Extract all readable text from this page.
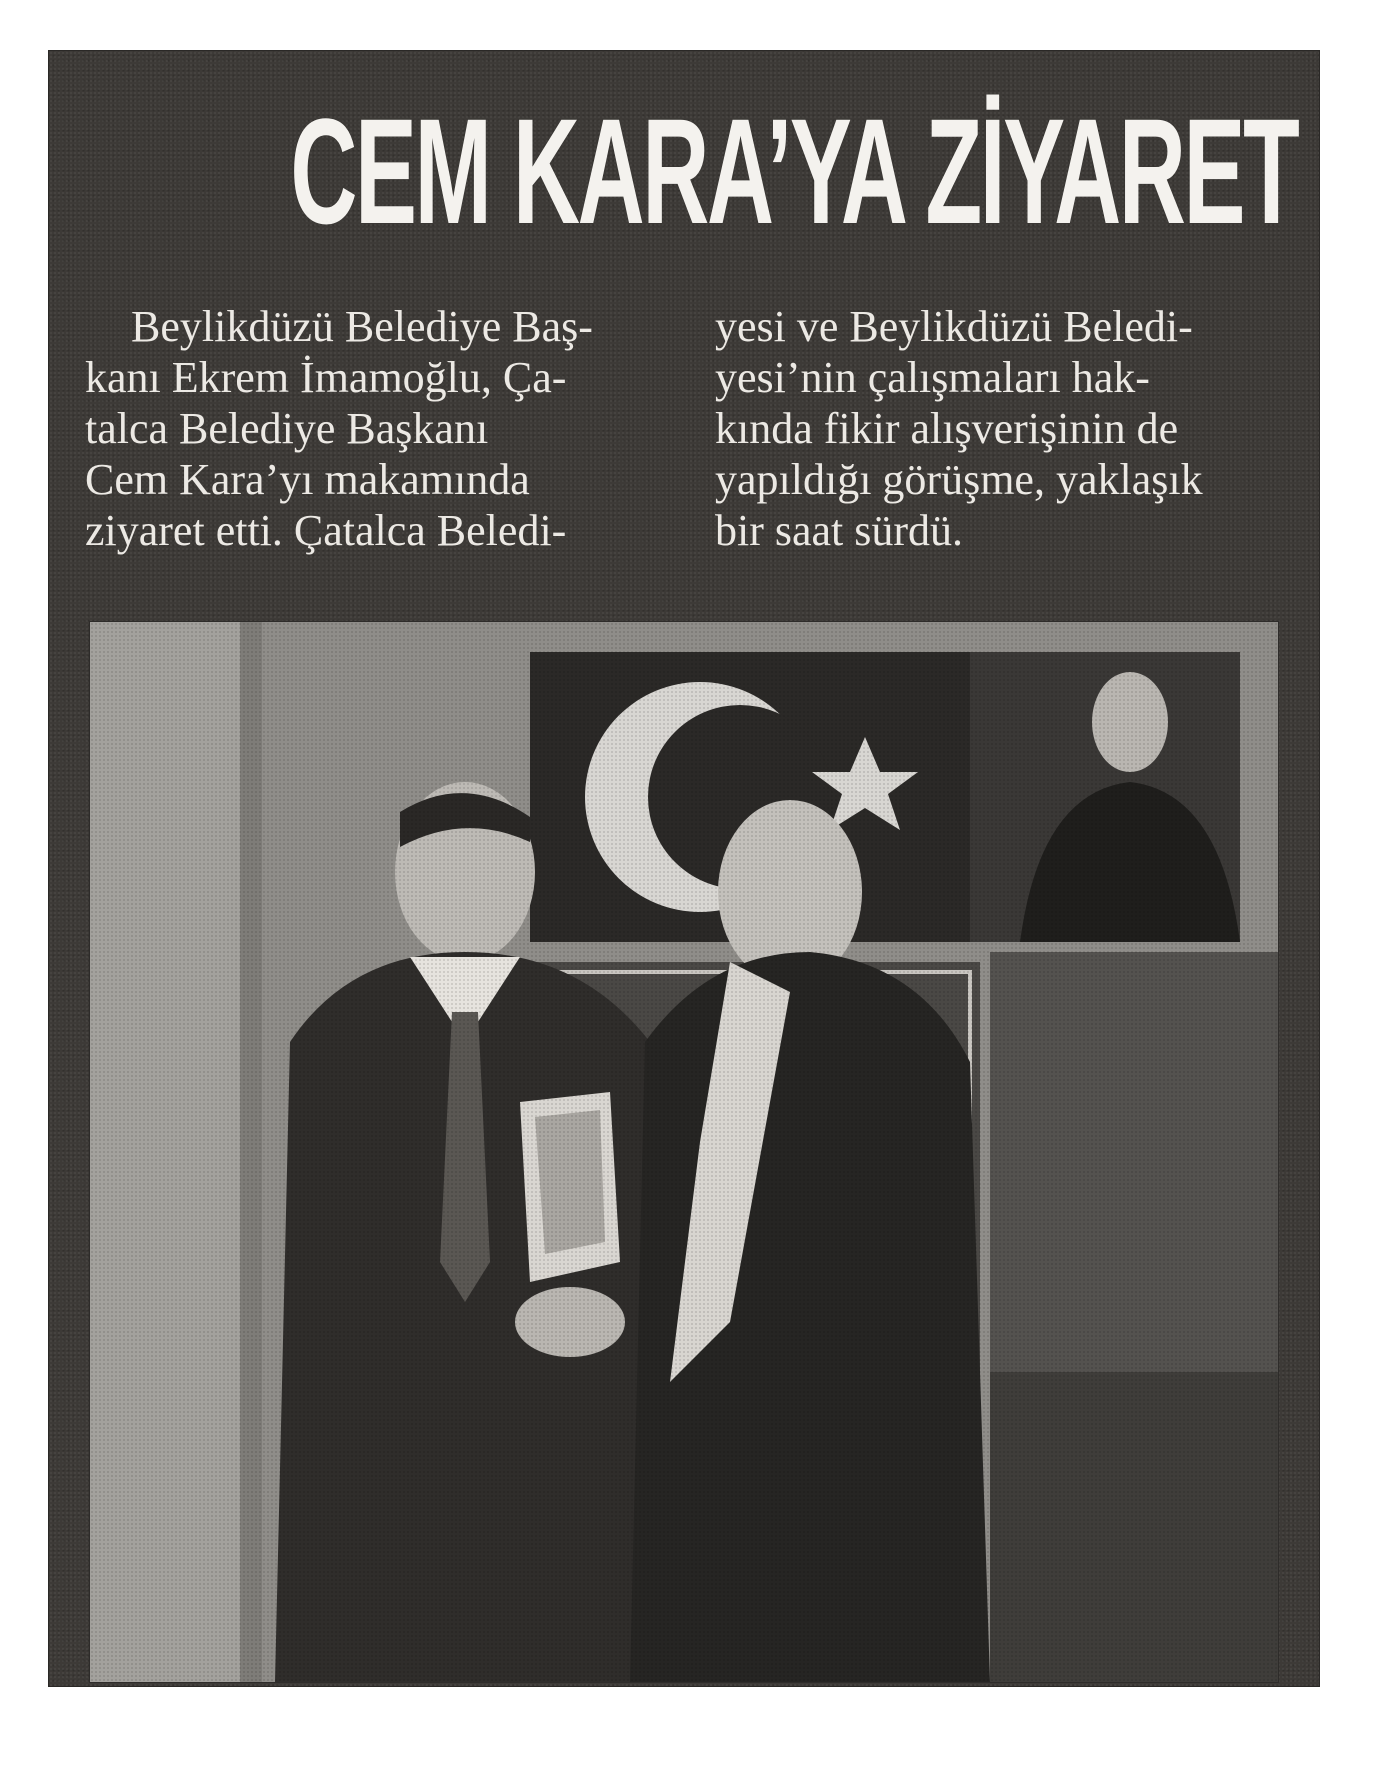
CEM KARA’YA ZİYARET
Beylikdüzü Belediye Baş-
kanı Ekrem İmamoğlu, Ça-
talca Belediye Başkanı
Cem Kara’yı makamında
ziyaret etti. Çatalca Beledi-
yesi ve Beylikdüzü Beledi-
yesi’nin çalışmaları hak-
kında fikir alışverişinin de
yapıldığı görüşme, yaklaşık
bir saat sürdü.
